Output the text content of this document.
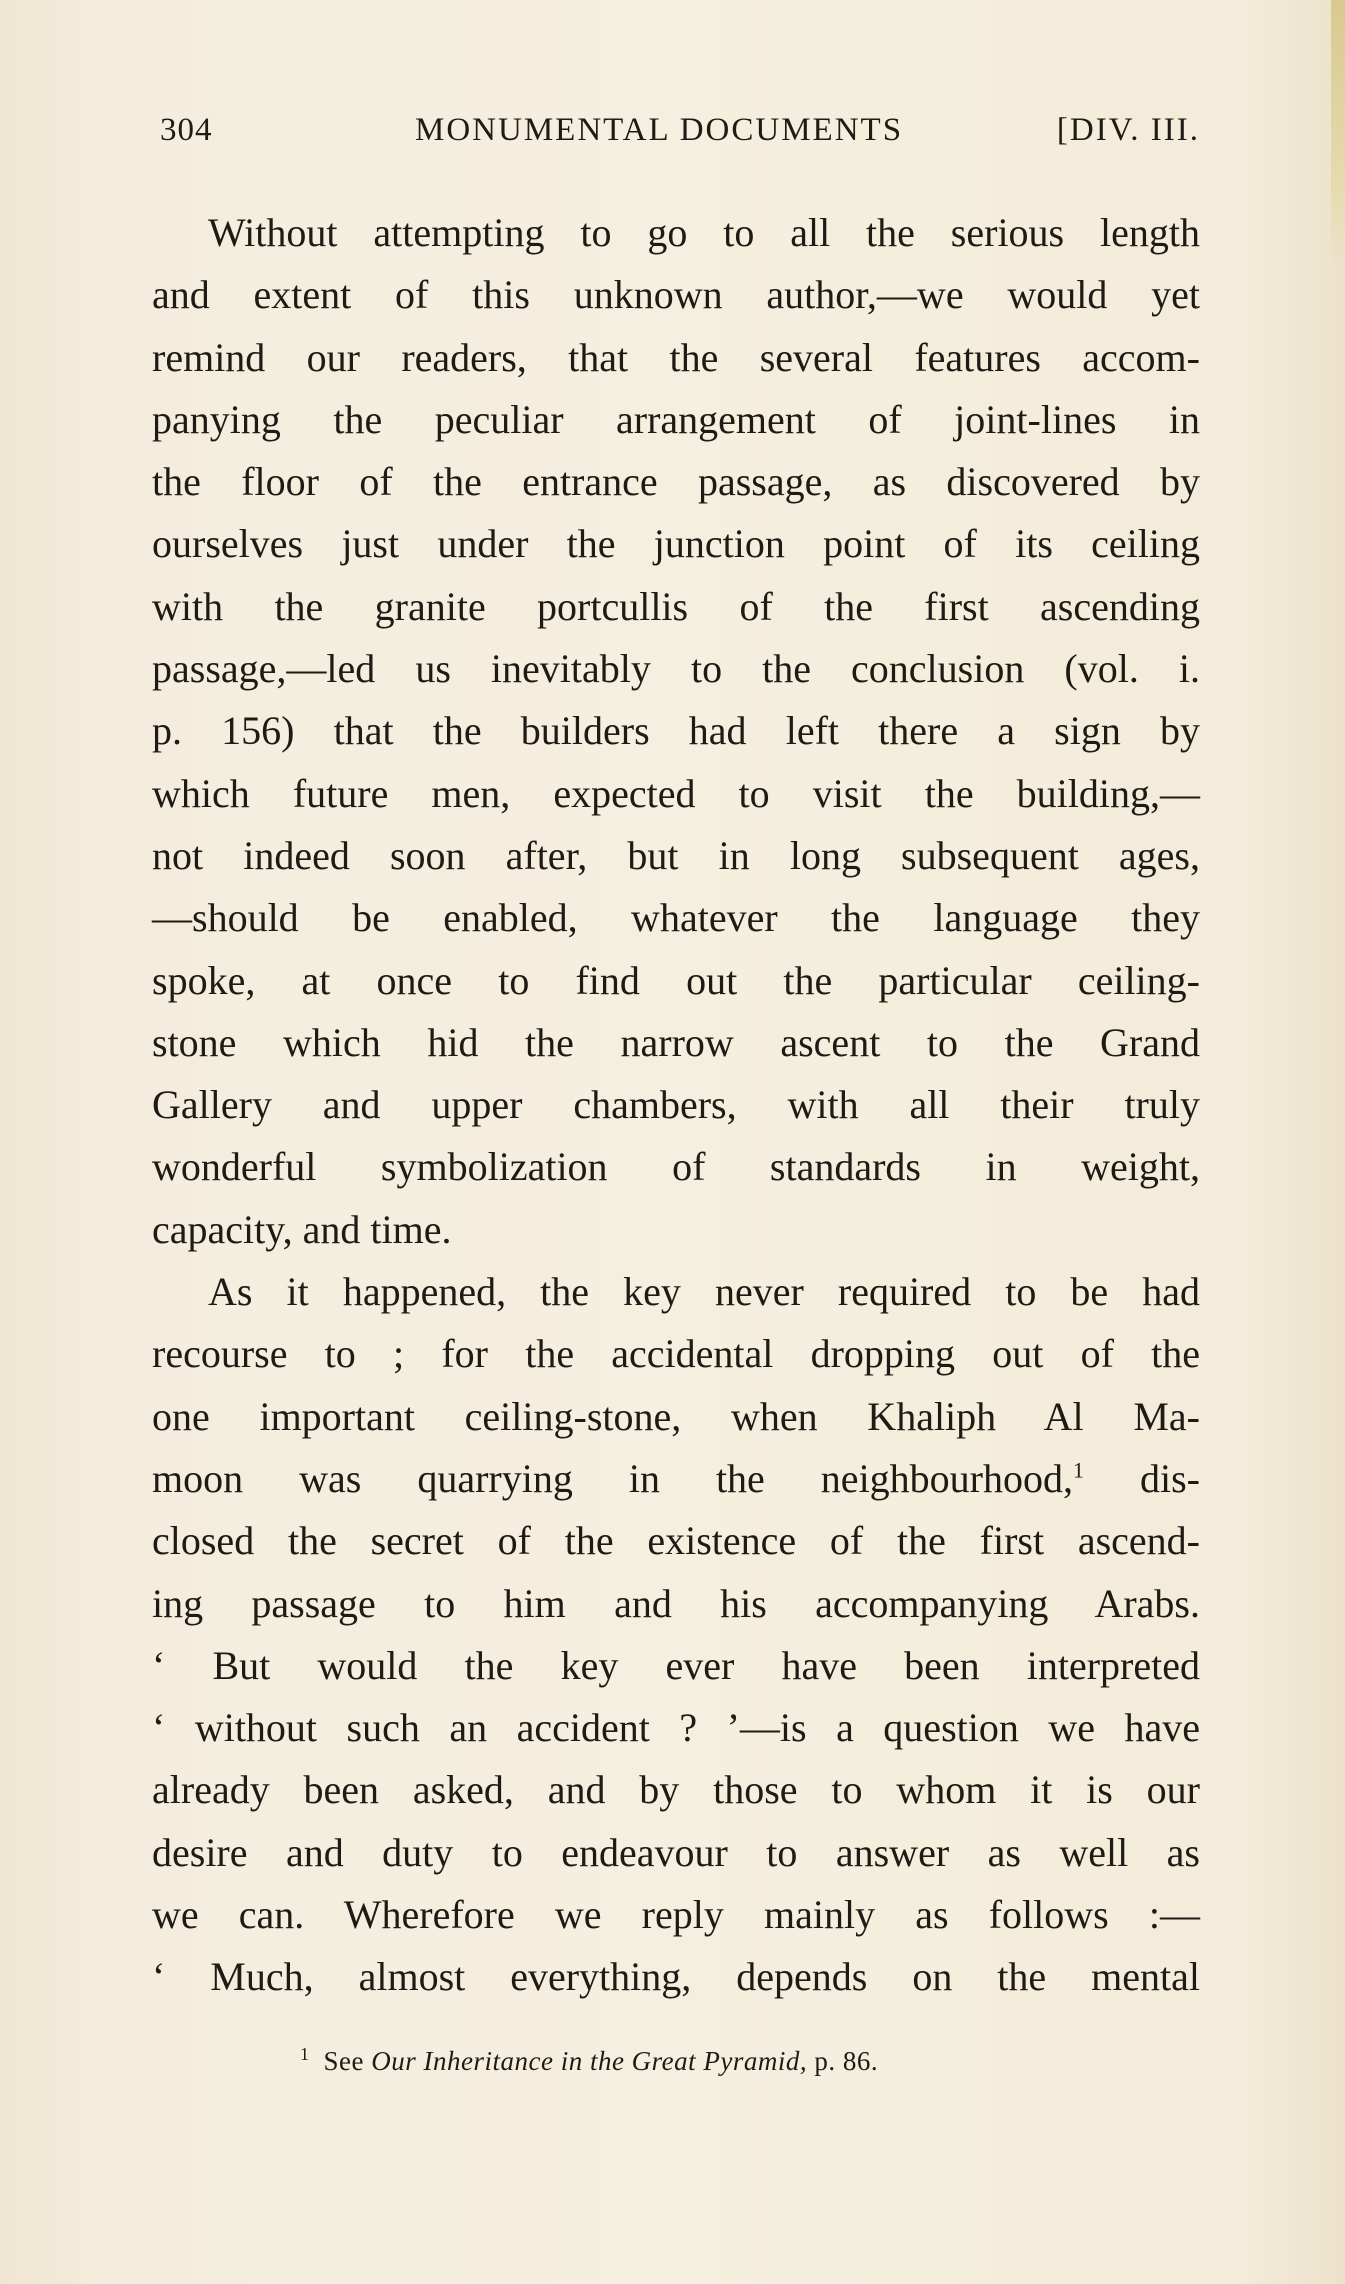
304	MONUMENTAL DOCUMENTS	[DIV. III.
Without attempting to go to all the serious length
and extent of this unknown author,—we would yet
remind our readers, that the several features accom-
panying the peculiar arrangement of joint-lines in
the floor of the entrance passage, as discovered by
ourselves just under the junction point of its ceiling
with the granite portcullis of the first ascending
passage,—led us inevitably to the conclusion (vol. i.
p. 156) that the builders had left there a sign by
which future men, expected to visit the building,—
not indeed soon after, but in long subsequent ages,
—should be enabled, whatever the language they
spoke, at once to find out the particular ceiling-
stone which hid the narrow ascent to the Grand
Gallery and upper chambers, with all their truly
wonderful symbolization of standards in weight,
capacity, and time.
As it happened, the key never required to be had
recourse to ; for the accidental dropping out of the
one important ceiling-stone, when Khaliph Al Ma-
moon was quarrying in the neighbourhood,$^1$ dis-
closed the secret of the existence of the first ascend-
ing passage to him and his accompanying Arabs.
‘ But would the key ever have been interpreted
‘ without such an accident ? ’—is a question we have
already been asked, and by those to whom it is our
desire and duty to endeavour to answer as well as
we can. Wherefore we reply mainly as follows :—
‘ Much, almost everything, depends on the mental
$^1$ See Our Inheritance in the Great Pyramid, p. 86.
